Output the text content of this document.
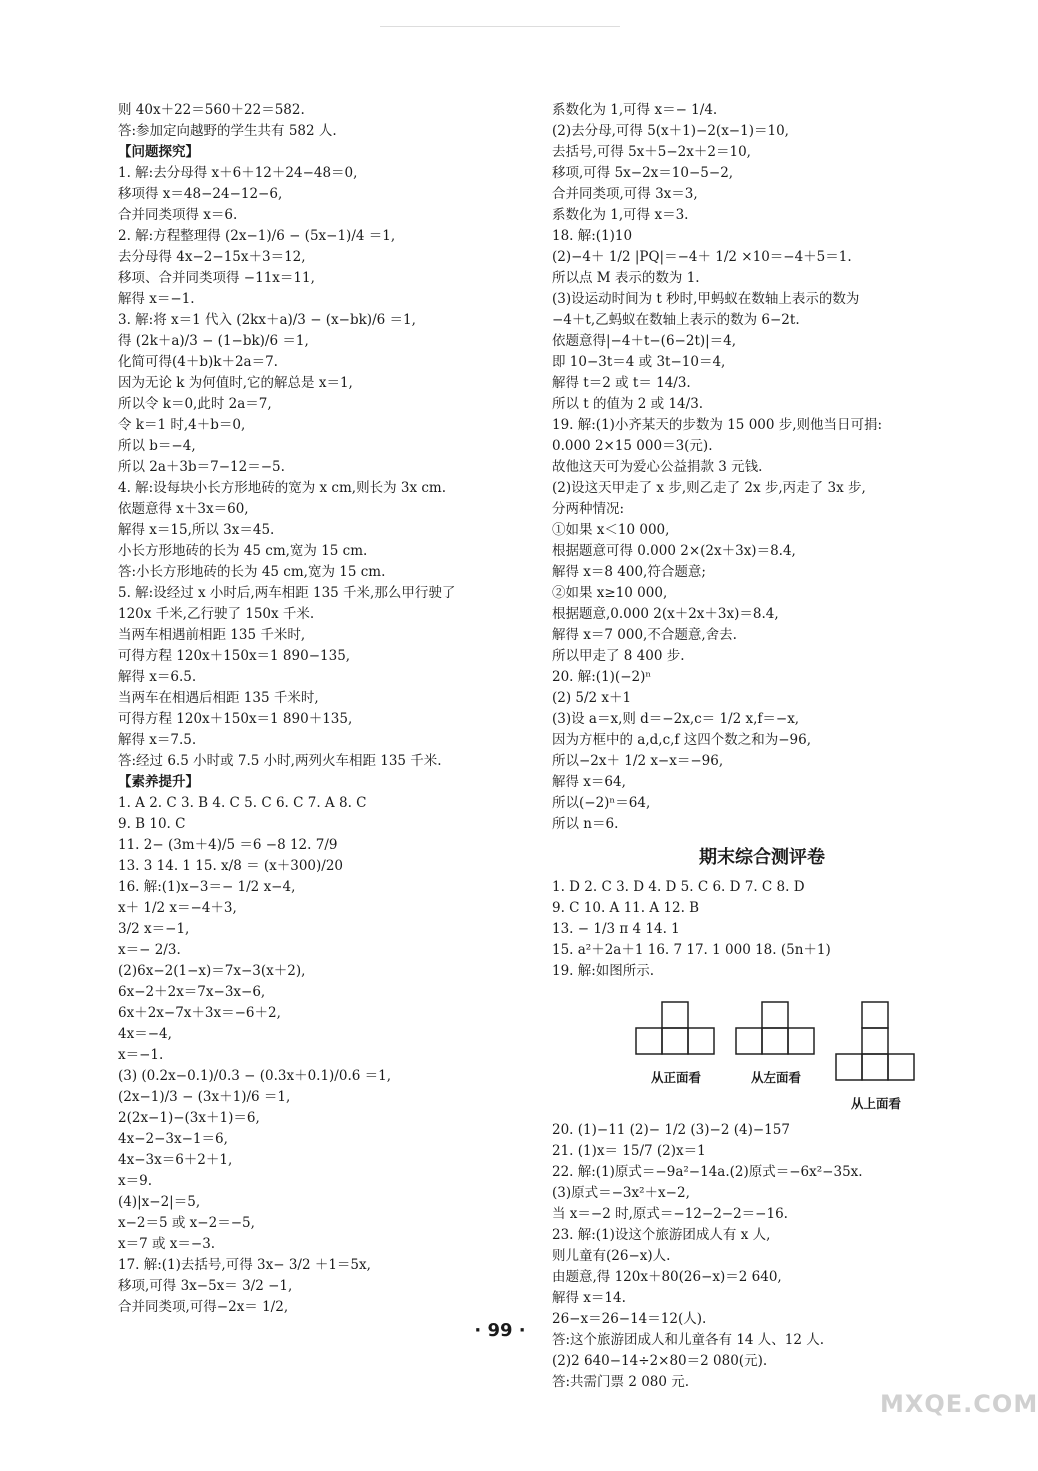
则 40x＋22＝560＋22＝582.
答:参加定向越野的学生共有 582 人.
【问题探究】
1. 解:去分母得 x＋6＋12＋24−48＝0,
移项得 x＝48−24−12−6,
合并同类项得 x＝6.
2. 解:方程整理得 (2x−1)/6 − (5x−1)/4 ＝1,
去分母得 4x−2−15x＋3＝12,
移项、合并同类项得 −11x＝11,
解得 x＝−1.
3. 解:将 x＝1 代入 (2kx＋a)/3 − (x−bk)/6 ＝1,
得 (2k＋a)/3 − (1−bk)/6 ＝1,
化简可得(4＋b)k＋2a＝7.
因为无论 k 为何值时,它的解总是 x＝1,
所以令 k＝0,此时 2a＝7,
令 k＝1 时,4＋b＝0,
所以 b＝−4,
所以 2a＋3b＝7−12＝−5.
4. 解:设每块小长方形地砖的宽为 x cm,则长为 3x cm.
依题意得 x＋3x＝60,
解得 x＝15,所以 3x＝45.
小长方形地砖的长为 45 cm,宽为 15 cm.
答:小长方形地砖的长为 45 cm,宽为 15 cm.
5. 解:设经过 x 小时后,两车相距 135 千米,那么甲行驶了
120x 千米,乙行驶了 150x 千米.
当两车相遇前相距 135 千米时,
可得方程 120x＋150x＝1 890−135,
解得 x＝6.5.
当两车在相遇后相距 135 千米时,
可得方程 120x＋150x＝1 890＋135,
解得 x＝7.5.
答:经过 6.5 小时或 7.5 小时,两列火车相距 135 千米.
【素养提升】
1. A 2. C 3. B 4. C 5. C 6. C 7. A 8. C
9. B 10. C
11. 2− (3m＋4)/5 ＝6 −8 12. 7/9
13. 3 14. 1 15. x/8 ＝ (x＋300)/20
16. 解:(1)x−3＝− 1/2 x−4,
x＋ 1/2 x＝−4＋3,
3/2 x＝−1,
x＝− 2/3.
(2)6x−2(1−x)＝7x−3(x＋2),
6x−2＋2x＝7x−3x−6,
6x＋2x−7x＋3x＝−6＋2,
4x＝−4,
x＝−1.
(3) (0.2x−0.1)/0.3 − (0.3x＋0.1)/0.6 ＝1,
(2x−1)/3 − (3x＋1)/6 ＝1,
2(2x−1)−(3x＋1)＝6,
4x−2−3x−1＝6,
4x−3x＝6＋2＋1,
x＝9.
(4)|x−2|＝5,
x−2＝5 或 x−2＝−5,
x＝7 或 x＝−3.
17. 解:(1)去括号,可得 3x− 3/2 ＋1＝5x,
移项,可得 3x−5x＝ 3/2 −1,
合并同类项,可得−2x＝ 1/2,
系数化为 1,可得 x＝− 1/4.
(2)去分母,可得 5(x＋1)−2(x−1)＝10,
去括号,可得 5x＋5−2x＋2＝10,
移项,可得 5x−2x＝10−5−2,
合并同类项,可得 3x＝3,
系数化为 1,可得 x＝3.
18. 解:(1)10
(2)−4＋ 1/2 |PQ|＝−4＋ 1/2 ×10＝−4＋5＝1.
所以点 M 表示的数为 1.
(3)设运动时间为 t 秒时,甲蚂蚁在数轴上表示的数为
−4＋t,乙蚂蚁在数轴上表示的数为 6−2t.
依题意得|−4＋t−(6−2t)|＝4,
即 10−3t＝4 或 3t−10＝4,
解得 t＝2 或 t＝ 14/3.
所以 t 的值为 2 或 14/3.
19. 解:(1)小齐某天的步数为 15 000 步,则他当日可捐:
0.000 2×15 000＝3(元).
故他这天可为爱心公益捐款 3 元钱.
(2)设这天甲走了 x 步,则乙走了 2x 步,丙走了 3x 步,
分两种情况:
①如果 x＜10 000,
根据题意可得 0.000 2×(2x＋3x)＝8.4,
解得 x＝8 400,符合题意;
②如果 x≥10 000,
根据题意,0.000 2(x＋2x＋3x)＝8.4,
解得 x＝7 000,不合题意,舍去.
所以甲走了 8 400 步.
20. 解:(1)(−2)ⁿ
(2) 5/2 x＋1
(3)设 a＝x,则 d＝−2x,c＝ 1/2 x,f＝−x,
因为方框中的 a,d,c,f 这四个数之和为−96,
所以−2x＋ 1/2 x−x＝−96,
解得 x＝64,
所以(−2)ⁿ＝64,
所以 n＝6.
期末综合测评卷
1. D 2. C 3. D 4. D 5. C 6. D 7. C 8. D
9. C 10. A 11. A 12. B
13. − 1/3 π 4 14. 1
15. a²＋2a＋1 16. 7 17. 1 000 18. (5n＋1)
19. 解:如图所示.
从正面看	从左面看
从上面看
20. (1)−11 (2)− 1/2 (3)−2 (4)−157
21. (1)x＝ 15/7 (2)x＝1
22. 解:(1)原式＝−9a²−14a.(2)原式＝−6x²−35x.
(3)原式＝−3x²＋x−2,
当 x＝−2 时,原式＝−12−2−2＝−16.
23. 解:(1)设这个旅游团成人有 x 人,
则儿童有(26−x)人.
由题意,得 120x＋80(26−x)＝2 640,
解得 x＝14.
26−x＝26−14＝12(人).
答:这个旅游团成人和儿童各有 14 人、12 人.
(2)2 640−14÷2×80＝2 080(元).
答:共需门票 2 080 元.
· 99 ·
MXQE.COM
